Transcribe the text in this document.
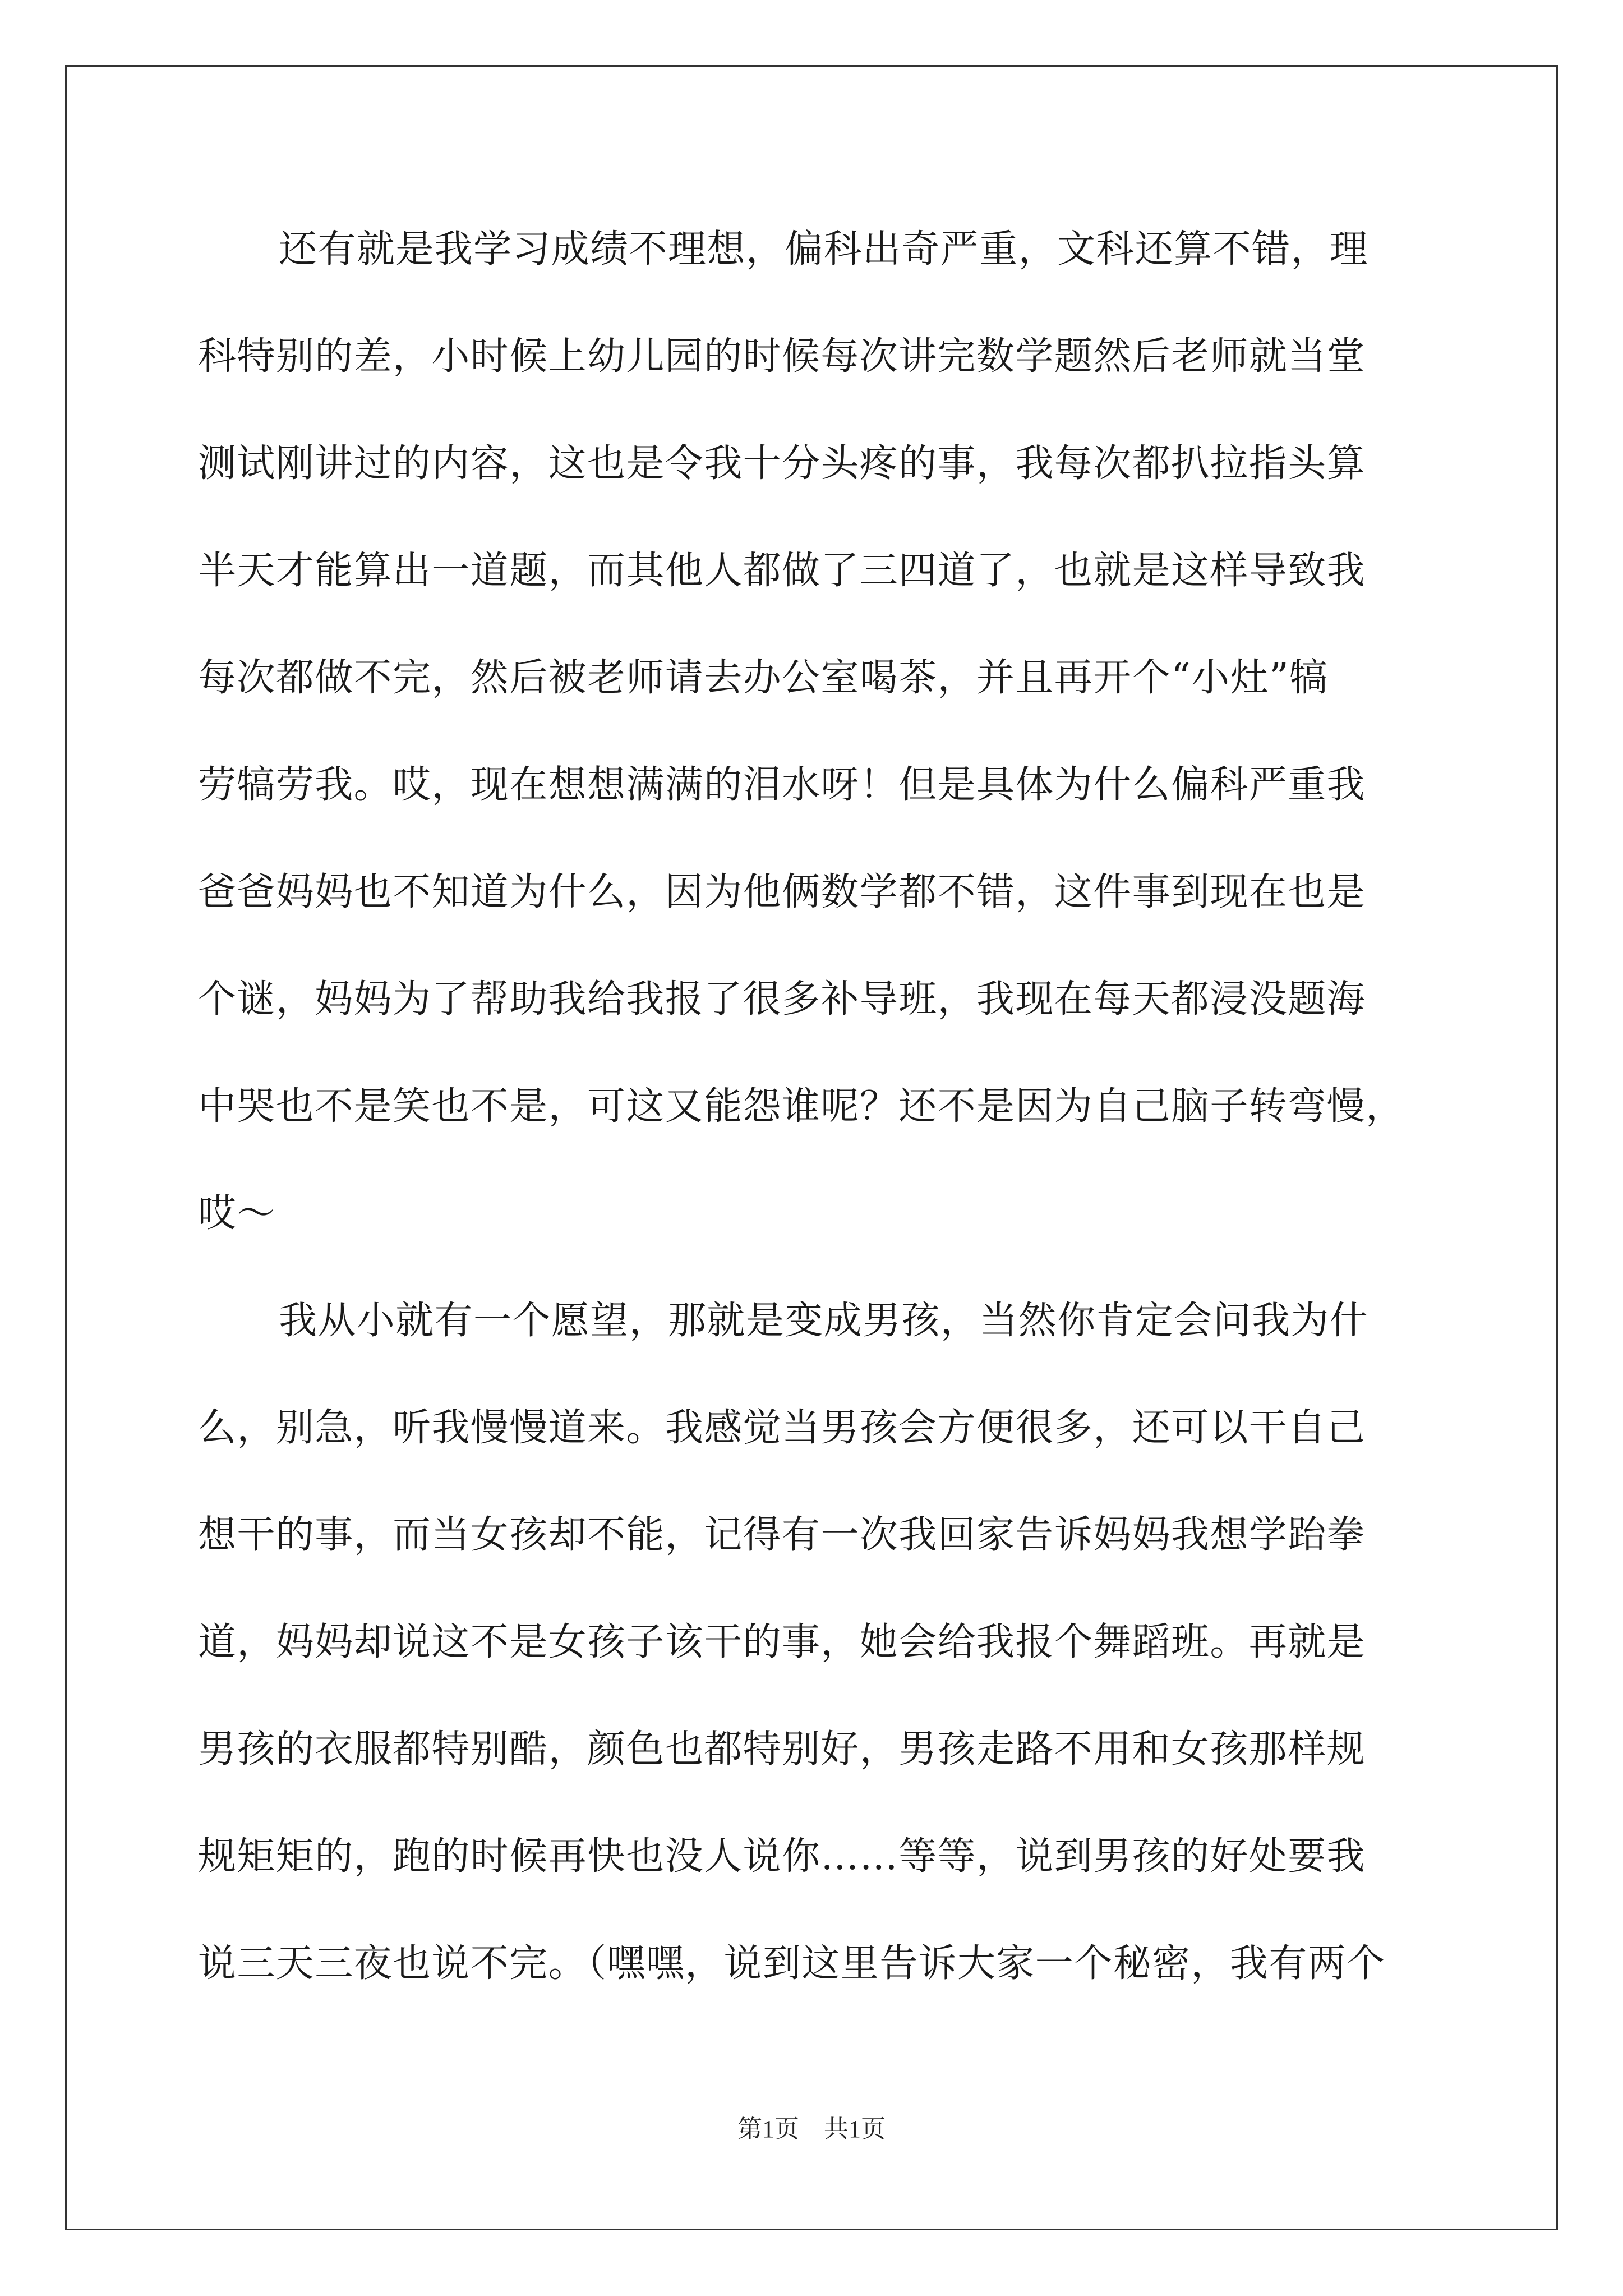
还有就是我学习成绩不理想，偏科出奇严重，文科还算不错，理
科特别的差，小时候上幼儿园的时候每次讲完数学题然后老师就当堂
测试刚讲过的内容，这也是令我十分头疼的事，我每次都扒拉指头算
半天才能算出一道题，而其他人都做了三四道了，也就是这样导致我
每次都做不完，然后被老师请去办公室喝茶，并且再开个“小灶”犒
劳犒劳我。哎，现在想想满满的泪水呀！但是具体为什么偏科严重我
爸爸妈妈也不知道为什么，因为他俩数学都不错，这件事到现在也是
个谜，妈妈为了帮助我给我报了很多补导班，我现在每天都浸没题海
中哭也不是笑也不是，可这又能怨谁呢？还不是因为自己脑子转弯慢，
哎～
我从小就有一个愿望，那就是变成男孩，当然你肯定会问我为什
么，别急，听我慢慢道来。我感觉当男孩会方便很多，还可以干自己
想干的事，而当女孩却不能，记得有一次我回家告诉妈妈我想学跆拳
道，妈妈却说这不是女孩子该干的事，她会给我报个舞蹈班。再就是
男孩的衣服都特别酷，颜色也都特别好，男孩走路不用和女孩那样规
规矩矩的，跑的时候再快也没人说你……等等，说到男孩的好处要我
说三天三夜也说不完。（嘿嘿，说到这里告诉大家一个秘密，我有两个
第1页　共1页
